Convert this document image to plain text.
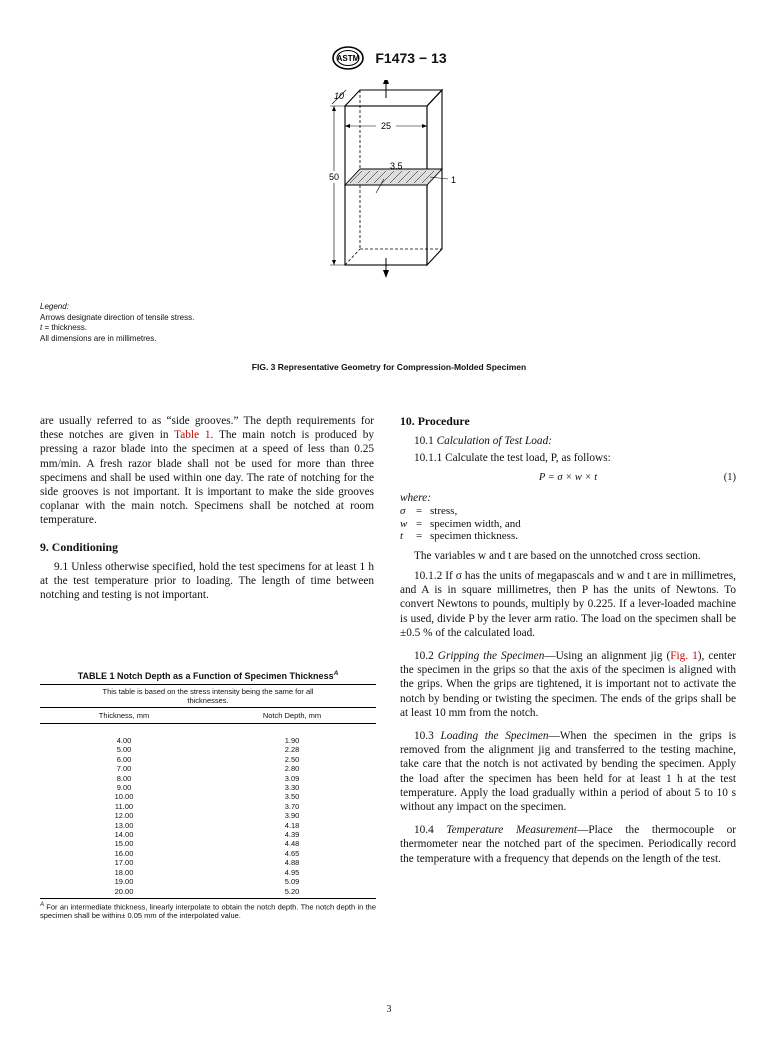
ASTM F1473 − 13
10
25
50
3.5
1
Legend:
Arrows designate direction of tensile stress.
t = thickness.
All dimensions are in millimetres.
FIG. 3 Representative Geometry for Compression-Molded Specimen

are usually referred to as “side grooves.” The depth requirements for these notches are given in Table 1. The main notch is produced by pressing a razor blade into the specimen at a speed of less than 0.25 mm/min. A fresh razor blade shall not be used for more than three specimens and shall be used within one day. The rate of notching for the side grooves is not important. It is important to make the side grooves coplanar with the main notch. Specimens shall be notched at room temperature.

9. Conditioning

9.1 Unless otherwise specified, hold the test specimens for at least 1 h at the test temperature prior to loading. The length of time between notching and testing is not important.

TABLE 1 Notch Depth as a Function of Specimen Thickness$^A$
This table is based on the stress intensity being the same for all thicknesses.
Thickness, mm	Notch Depth, mm
4.00	1.90
5.00	2.28
6.00	2.50
7.00	2.80
8.00	3.09
9.00	3.30
10.00	3.50
11.00	3.70
12.00	3.90
13.00	4.18
14.00	4.39
15.00	4.48
16.00	4.65
17.00	4.88
18.00	4.95
19.00	5.09
20.00	5.20
$^A$ For an intermediate thickness, linearly interpolate to obtain the notch depth. The notch depth in the specimen shall be within± 0.05 mm of the interpolated value.
10. Procedure

10.1 Calculation of Test Load:

10.1.1 Calculate the test load, P, as follows:

P = σ × w × t	(1)

where:

σ = stress,
w = specimen width, and
t	= specimen thickness.

The variables w and t are based on the unnotched cross section.

10.1.2 If σ has the units of megapascals and w and t are in millimetres, and A is in square millimetres, then P has the units of Newtons. To convert Newtons to pounds, multiply by 0.225. If a lever-loaded machine is used, divide P by the lever arm ratio. The load on the specimen shall be ±0.5 % of the calculated load.

10.2 Gripping the Specimen—Using an alignment jig (Fig. 1), center the specimen in the grips so that the axis of the specimen is aligned with the grips. When the grips are tightened, it is important not to activate the notch by bending or twisting the specimen. The ends of the grips shall be at least 10 mm from the notch.

10.3 Loading the Specimen—When the specimen in the grips is removed from the alignment jig and transferred to the testing machine, take care that the notch is not activated by bending the specimen. Apply the load after the specimen has been held for at least 1 h at the test temperature. Apply the load gradually within a period of about 5 to 10 s without any impact on the specimen.

10.4 Temperature Measurement—Place the thermocouple or thermometer near the notched part of the specimen. Periodically record the temperature with a frequency that depends on the length of the test.

3
